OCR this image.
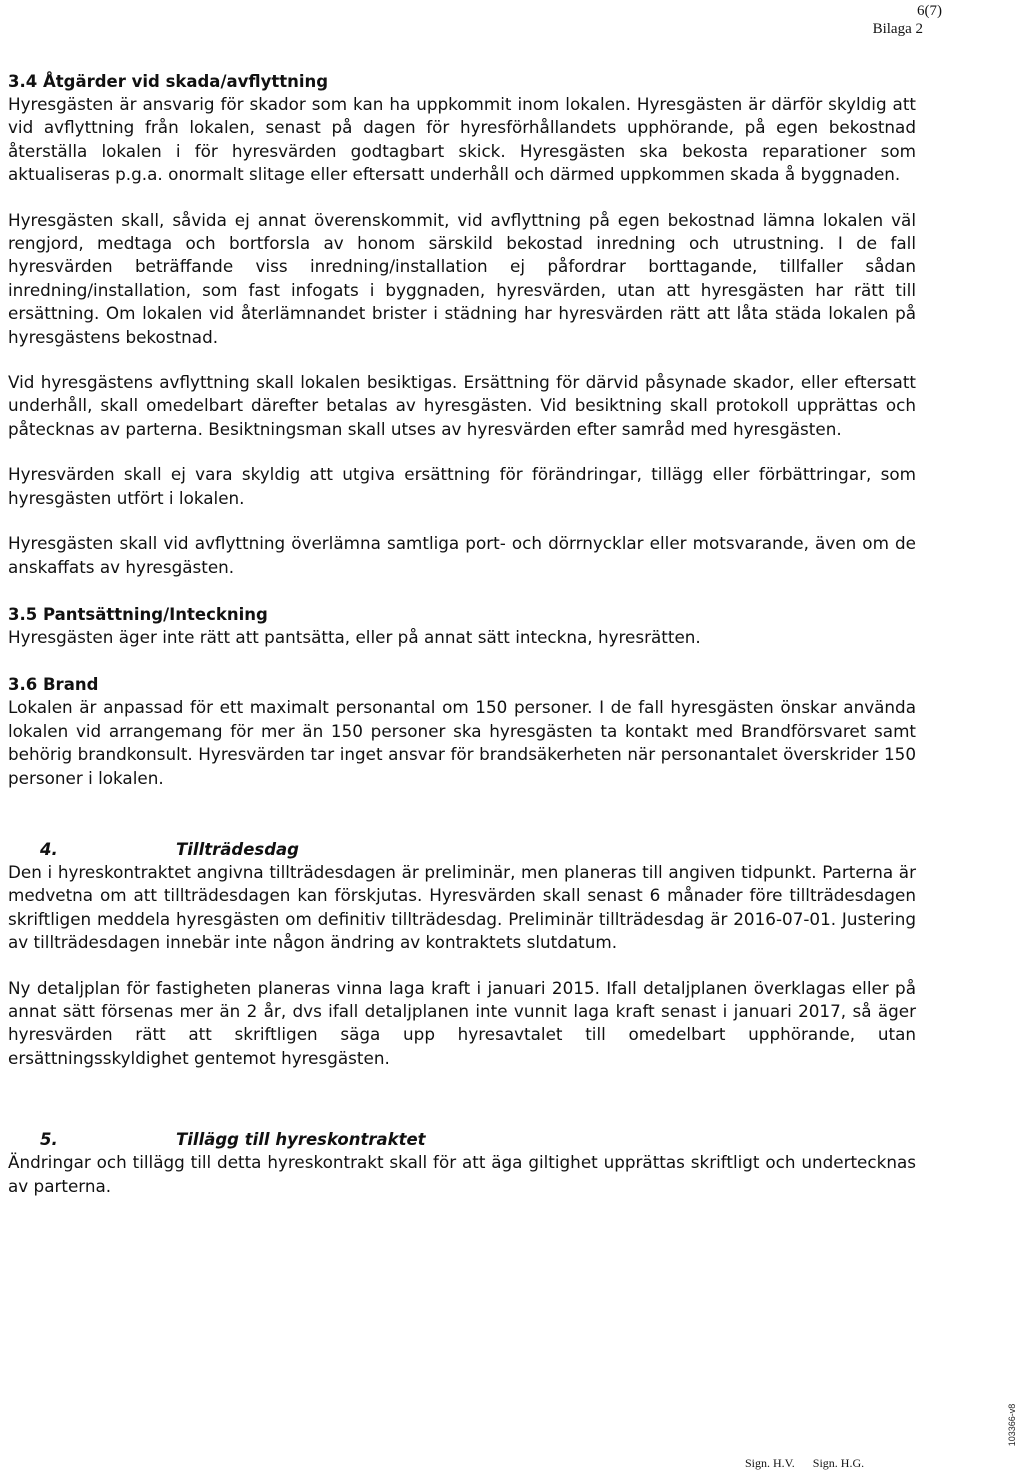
6(7)
Bilaga 2
3.4 Åtgärder vid skada/avflyttning

Hyresgästen är ansvarig för skador som kan ha uppkommit inom lokalen. Hyresgästen är därför skyldig att vid avflyttning från lokalen, senast på dagen för hyresförhållandets upphörande, på egen bekostnad återställa lokalen i för hyresvärden godtagbart skick. Hyresgästen ska bekosta reparationer som aktualiseras p.g.a. onormalt slitage eller eftersatt underhåll och därmed uppkommen skada å byggnaden.

Hyresgästen skall, såvida ej annat överenskommit, vid avflyttning på egen bekostnad lämna lokalen väl rengjord, medtaga och bortforsla av honom särskild bekostad inredning och utrustning. I de fall hyresvärden beträffande viss inredning/installation ej påfordrar borttagande, tillfaller sådan inredning/installation, som fast infogats i byggnaden, hyresvärden, utan att hyresgästen har rätt till ersättning. Om lokalen vid återlämnandet brister i städning har hyresvärden rätt att låta städa lokalen på hyresgästens bekostnad.

Vid hyresgästens avflyttning skall lokalen besiktigas. Ersättning för därvid påsynade skador, eller eftersatt underhåll, skall omedelbart därefter betalas av hyresgästen. Vid besiktning skall protokoll upprättas och påtecknas av parterna. Besiktningsman skall utses av hyresvärden efter samråd med hyresgästen.

Hyresvärden skall ej vara skyldig att utgiva ersättning för förändringar, tillägg eller förbättringar, som hyresgästen utfört i lokalen.

Hyresgästen skall vid avflyttning överlämna samtliga port- och dörrnycklar eller motsvarande, även om de anskaffats av hyresgästen.

3.5 Pantsättning/Inteckning

Hyresgästen äger inte rätt att pantsätta, eller på annat sätt inteckna, hyresrätten.

3.6 Brand

Lokalen är anpassad för ett maximalt personantal om 150 personer. I de fall hyresgästen önskar använda lokalen vid arrangemang för mer än 150 personer ska hyresgästen ta kontakt med Brandförsvaret samt behörig brandkonsult. Hyresvärden tar inget ansvar för brandsäkerheten när personantalet överskrider 150 personer i lokalen.

4.	Tillträdesdag

Den i hyreskontraktet angivna tillträdesdagen är preliminär, men planeras till angiven tidpunkt. Parterna är medvetna om att tillträdesdagen kan förskjutas. Hyresvärden skall senast 6 månader före tillträdesdagen skriftligen meddela hyresgästen om definitiv tillträdesdag. Preliminär tillträdesdag är 2016-07-01. Justering av tillträdesdagen innebär inte någon ändring av kontraktets slutdatum.

Ny detaljplan för fastigheten planeras vinna laga kraft i januari 2015. Ifall detaljplanen överklagas eller på annat sätt försenas mer än 2 år, dvs ifall detaljplanen inte vunnit laga kraft senast i januari 2017, så äger hyresvärden rätt att skriftligen säga upp hyresavtalet till omedelbart upphörande, utan ersättningsskyldighet gentemot hyresgästen.

5.	Tillägg till hyreskontraktet

Ändringar och tillägg till detta hyreskontrakt skall för att äga giltighet upprättas skriftligt och undertecknas av parterna.

Sign. H.V. Sign. H.G.
103366-v8
